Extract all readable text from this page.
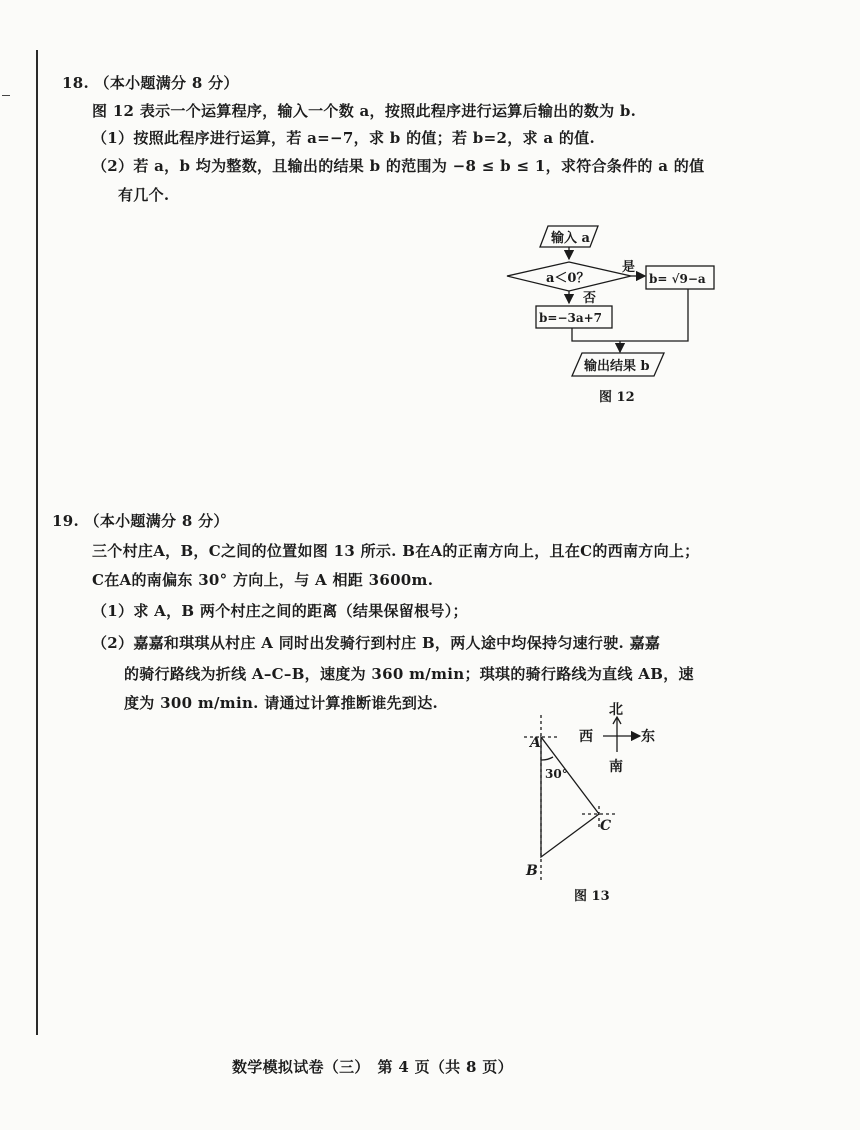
18. （本小题满分 8 分）
图 12 表示一个运算程序，输入一个数 a，按照此程序进行运算后输出的数为 b.
（1）按照此程序进行运算，若 a=−7，求 b 的值；若 b=2，求 a 的值.
（2）若 a，b 均为整数，且输出的结果 b 的范围为 −8 ≤ b ≤ 1，求符合条件的 a 的值
有几个.
输入 a
a＜0？
是
否
b= √9−a
b=−3a+7
输出结果 b
图 12
19. （本小题满分 8 分）
三个村庄A，B，C之间的位置如图 13 所示. B在A的正南方向上，且在C的西南方向上；
C在A的南偏东 30° 方向上，与 A 相距 3600m.
（1）求 A，B 两个村庄之间的距离（结果保留根号）；
（2）嘉嘉和琪琪从村庄 A 同时出发骑行到村庄 B，两人途中均保持匀速行驶. 嘉嘉
的骑行路线为折线 A–C–B，速度为 360 m/min；琪琪的骑行路线为直线 AB，速
度为 300 m/min. 请通过计算推断谁先到达.
A
B
C
30°
北
南
西	东
图 13
数学模拟试卷（三）　第 4 页（共 8 页）
